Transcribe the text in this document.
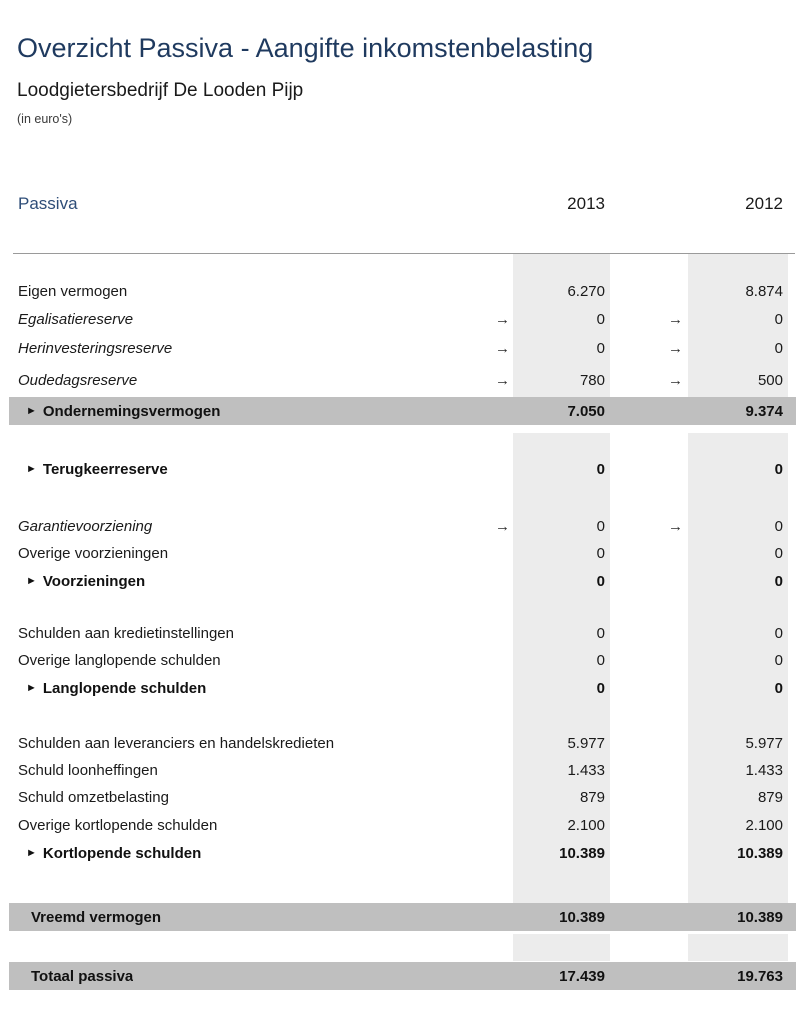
Overzicht Passiva - Aangifte inkomstenbelasting
Loodgietersbedrijf De Looden Pijp
(in euro's)
Passiva	2013	2012
Eigen vermogen	6.270	8.874
Egalisatiereserve	→	0	→	0
Herinvesteringsreserve	→	0	→	0
Oudedagsreserve	→	780	→	500
► Ondernemingsvermogen	7.050	9.374
► Terugkeerreserve	0	0
Garantievoorziening	→	0	→	0
Overige voorzieningen	0	0
► Voorzieningen	0	0
Schulden aan kredietinstellingen	0	0
Overige langlopende schulden	0	0
► Langlopende schulden	0	0
Schulden aan leveranciers en handelskredieten	5.977	5.977
Schuld loonheffingen	1.433	1.433
Schuld omzetbelasting	879	879
Overige kortlopende schulden	2.100	2.100
► Kortlopende schulden	10.389	10.389
Vreemd vermogen	10.389	10.389
Totaal passiva	17.439	19.763
